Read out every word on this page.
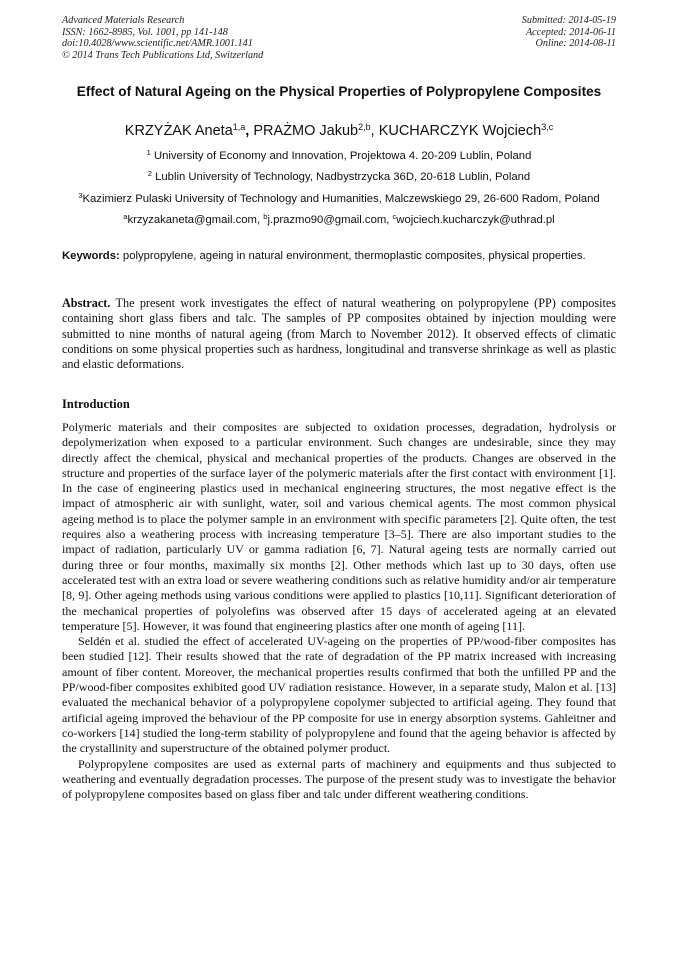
Advanced Materials Research
ISSN: 1662-8985, Vol. 1001, pp 141-148
doi:10.4028/www.scientific.net/AMR.1001.141
© 2014 Trans Tech Publications Ltd, Switzerland
Submitted: 2014-05-19
Accepted: 2014-06-11
Online: 2014-08-11
Effect of Natural Ageing on the Physical Properties of Polypropylene Composites
KRZYŻAK Aneta$^{1,a}$, PRAŻMO Jakub$^{2,b}$, KUCHARCZYK Wojciech$^{3,c}$
$^1$ University of Economy and Innovation, Projektowa 4. 20-209 Lublin, Poland
$^2$ Lublin University of Technology, Nadbystrzycka 36D, 20-618 Lublin, Poland
$^3$Kazimierz Pulaski University of Technology and Humanities, Malczewskiego 29, 26-600 Radom, Poland
$^a$krzyzakaneta@gmail.com, $^b$j.prazmo90@gmail.com, $^c$wojciech.kucharczyk@uthrad.pl
Keywords: polypropylene, ageing in natural environment, thermoplastic composites, physical properties.
Abstract. The present work investigates the effect of natural weathering on polypropylene (PP) composites containing short glass fibers and talc. The samples of PP composites obtained by injection moulding were submitted to nine months of natural ageing (from March to November 2012). It observed effects of climatic conditions on some physical properties such as hardness, longitudinal and transverse shrinkage as well as plastic and elastic deformations.
Introduction

Polymeric materials and their composites are subjected to oxidation processes, degradation, hydrolysis or depolymerization when exposed to a particular environment. Such changes are undesirable, since they may directly affect the chemical, physical and mechanical properties of the products. Changes are observed in the structure and properties of the surface layer of the polymeric materials after the first contact with environment [1]. In the case of engineering plastics used in mechanical engineering structures, the most negative effect is the impact of atmospheric air with sunlight, water, soil and various chemical agents. The most common physical ageing method is to place the polymer sample in an environment with specific parameters [2]. Quite often, the test requires also a weathering process with increasing temperature [3–5]. There are also important studies to the impact of radiation, particularly UV or gamma radiation [6, 7]. Natural ageing tests are normally carried out during three or four months, maximally six months [2]. Other methods which last up to 30 days, often use accelerated test with an extra load or severe weathering conditions such as relative humidity and/or air temperature [8, 9]. Other ageing methods using various conditions were applied to plastics [10,11]. Significant deterioration of the mechanical properties of polyolefins was observed after 15 days of accelerated ageing at an elevated temperature [5]. However, it was found that engineering plastics after one month of ageing [11].

Seldén et al. studied the effect of accelerated UV-ageing on the properties of PP/wood-fiber composites has been studied [12]. Their results showed that the rate of degradation of the PP matrix increased with increasing amount of fiber content. Moreover, the mechanical properties results confirmed that both the unfilled PP and the PP/wood-fiber composites exhibited good UV radiation resistance. However, in a separate study, Malon et al. [13] evaluated the mechanical behavior of a polypropylene copolymer subjected to artificial ageing. They found that artificial ageing improved the behaviour of the PP composite for use in energy absorption systems. Gahleitner and co-workers [14] studied the long-term stability of polypropylene and found that the ageing behavior is affected by the crystallinity and superstructure of the obtained polymer product.

Polypropylene composites are used as external parts of machinery and equipments and thus subjected to weathering and eventually degradation processes. The purpose of the present study was to investigate the behavior of polypropylene composites based on glass fiber and talc under different weathering conditions.
